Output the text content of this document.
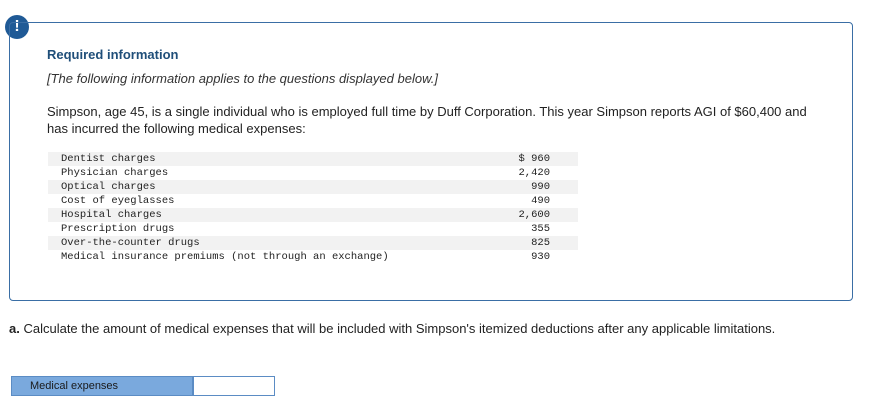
!
Required information
[The following information applies to the questions displayed below.]
Simpson, age 45, is a single individual who is employed full time by Duff Corporation. This year Simpson reports AGI of $60,400 and has incurred the following medical expenses:
Dentist charges	$ 960
Physician charges	2,420
Optical charges	990
Cost of eyeglasses	490
Hospital charges	2,600
Prescription drugs	355
Over-the-counter drugs	825
Medical insurance premiums (not through an exchange)	930
a. Calculate the amount of medical expenses that will be included with Simpson's itemized deductions after any applicable limitations.
Medical expenses
